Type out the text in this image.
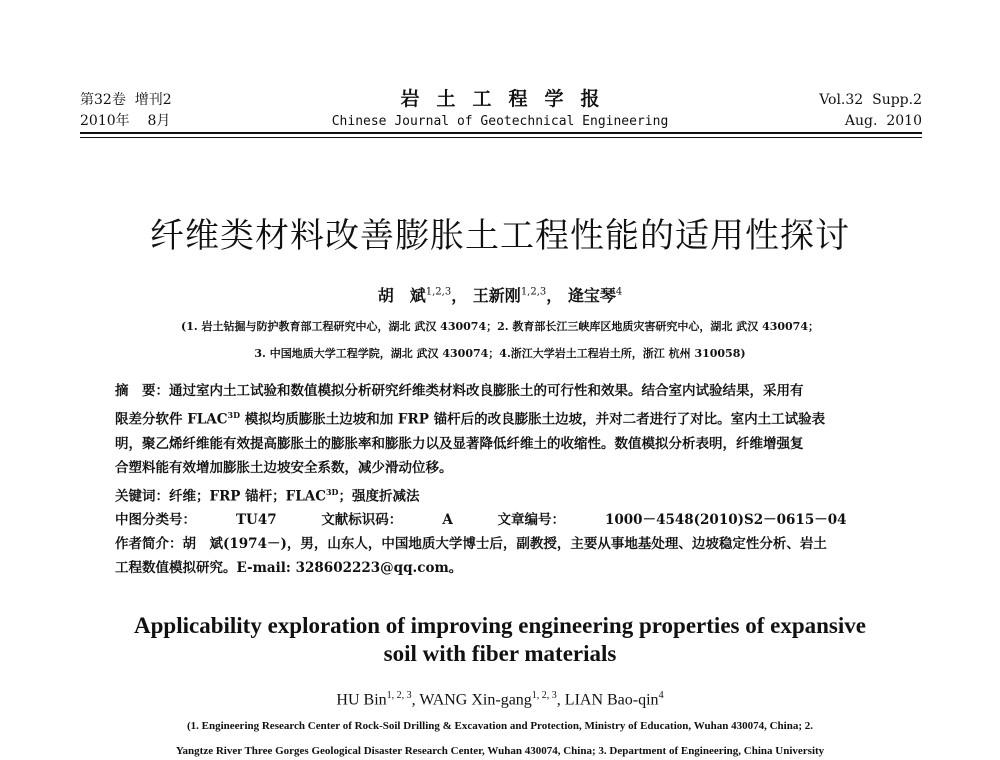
第32卷 增刊2
2010年 8月
岩土工程学报
Chinese Journal of Geotechnical Engineering
Vol.32  Supp.2
Aug.  2010
纤维类材料改善膨胀土工程性能的适用性探讨
胡　斌$^{1,2,3}$， 王新刚$^{1,2,3}$， 逄宝琴$^4$
(1. 岩土钻掘与防护教育部工程研究中心，湖北 武汉 430074；2. 教育部长江三峡库区地质灾害研究中心，湖北 武汉 430074；
3. 中国地质大学工程学院，湖北 武汉 430074；4.浙江大学岩土工程岩土所，浙江 杭州 310058)
摘　要：通过室内土工试验和数值模拟分析研究纤维类材料改良膨胀土的可行性和效果。结合室内试验结果，采用有
限差分软件 $FLAC^{3D}$ 模拟均质膨胀土边坡和加 FRP 锚杆后的改良膨胀土边坡，并对二者进行了对比。室内土工试验表
明，聚乙烯纤维能有效提高膨胀土的膨胀率和膨胀力以及显著降低纤维土的收缩性。数值模拟分析表明，纤维增强复
合塑料能有效增加膨胀土边坡安全系数，减少滑动位移。
关键词：纤维；FRP 锚杆；$FLAC^{3D}$；强度折减法
中图分类号：	TU47	文献标识码：	A	文章编号：	1000－4548(2010)S2－0615－04
作者简介：胡　斌(1974－)，男，山东人，中国地质大学博士后，副教授，主要从事地基处理、边坡稳定性分析、岩土
工程数值模拟研究。E-mail: 328602223@qq.com。
Applicability exploration of improving engineering properties of expansive
soil with fiber materials
HU Bin$^{1, 2, 3}$, WANG Xin-gang$^{1, 2, 3}$, LIAN Bao-qin$^4$
(1. Engineering Research Center of Rock-Soil Drilling & Excavation and Protection, Ministry of Education, Wuhan 430074, China; 2.
Yangtze River Three Gorges Geological Disaster Research Center, Wuhan 430074, China; 3. Department of Engineering, China University
